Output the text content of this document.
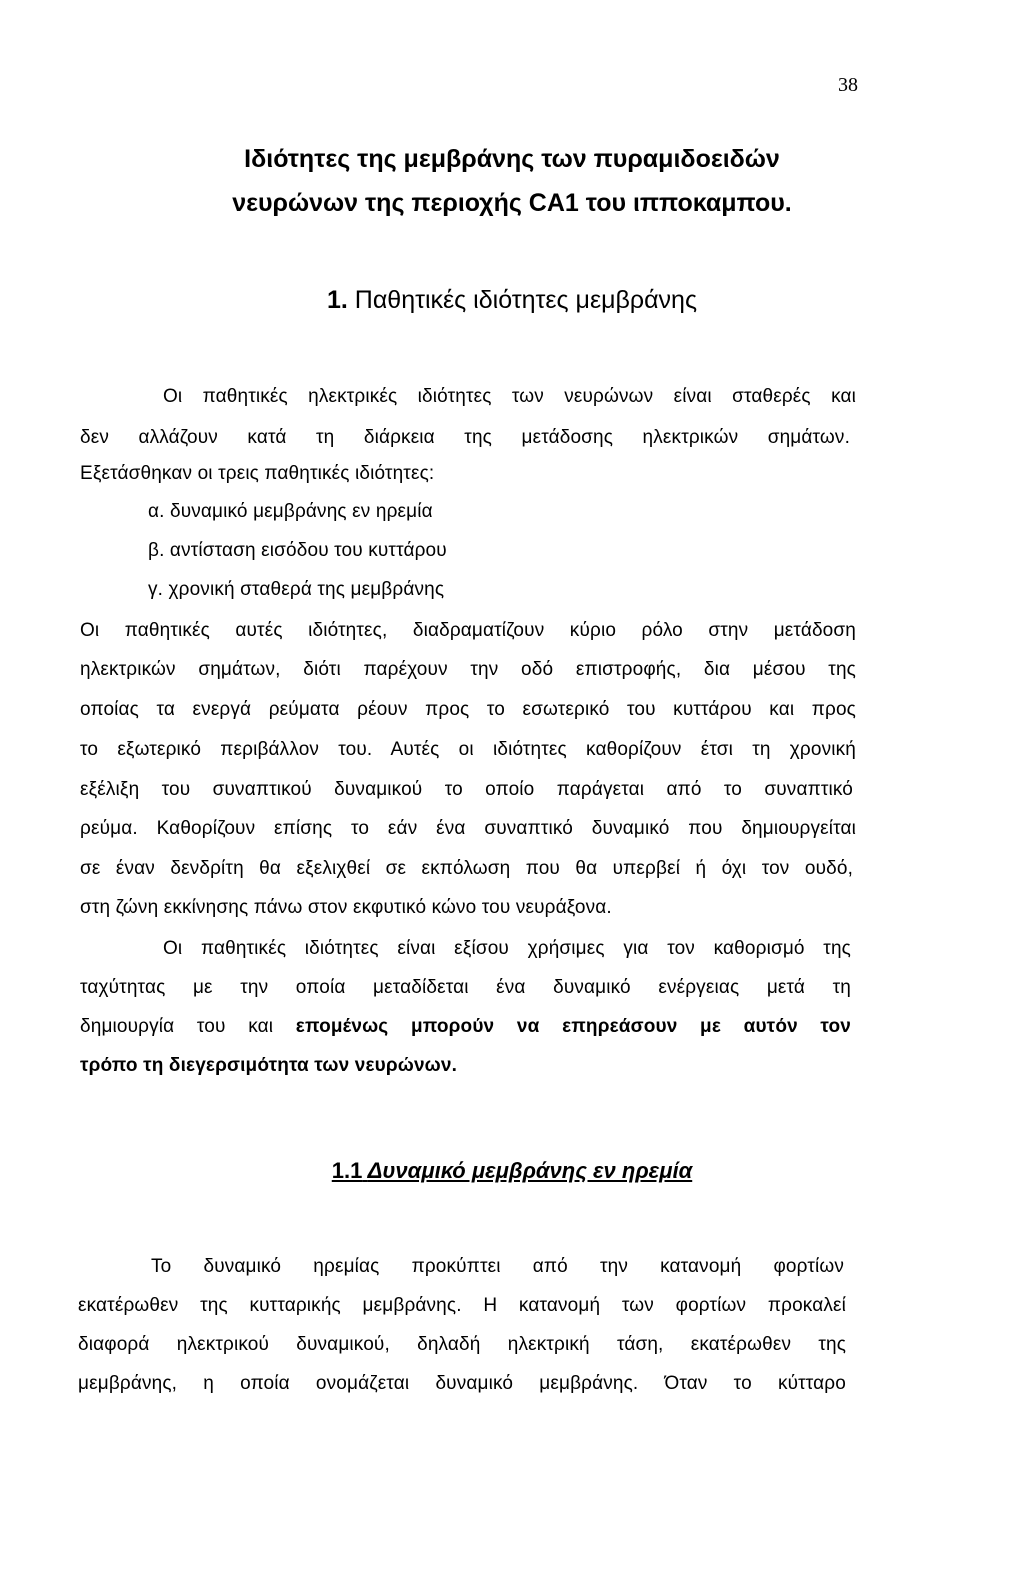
38
Ιδιότητες της μεμβράνης των πυραμιδοειδών
νευρώνων της περιοχής CA1 του ιπποκαμπου.
1. Παθητικές ιδιότητες μεμβράνης
Οι παθητικές ηλεκτρικές ιδιότητες των νευρώνων είναι σταθερές και
δεν αλλάζουν κατά τη διάρκεια της μετάδοσης ηλεκτρικών σημάτων.
Εξετάσθηκαν οι τρεις παθητικές ιδιότητες:
α. δυναμικό μεμβράνης εν ηρεμία
β. αντίσταση εισόδου του κυττάρου
γ. χρονική σταθερά της μεμβράνης
Οι παθητικές αυτές ιδιότητες, διαδραματίζουν κύριο ρόλο στην μετάδοση
ηλεκτρικών σημάτων, διότι παρέχουν την οδό επιστροφής, δια μέσου της
οποίας τα ενεργά ρεύματα ρέουν προς το εσωτερικό του κυττάρου και προς
το εξωτερικό περιβάλλον του. Αυτές οι ιδιότητες καθορίζουν έτσι τη χρονική
εξέλιξη του συναπτικού δυναμικού το οποίο παράγεται από το συναπτικό
ρεύμα. Καθορίζουν επίσης το εάν ένα συναπτικό δυναμικό που δημιουργείται
σε έναν δενδρίτη θα εξελιχθεί σε εκπόλωση που θα υπερβεί ή όχι τον ουδό,
στη ζώνη εκκίνησης πάνω στον εκφυτικό κώνο του νευράξονα.
Οι παθητικές ιδιότητες είναι εξίσου χρήσιμες για τον καθορισμό της
ταχύτητας με την οποία μεταδίδεται ένα δυναμικό ενέργειας μετά τη
δημιουργία του και επομένως μπορούν να επηρεάσουν με αυτόν τον
τρόπο τη διεγερσιμότητα των νευρώνων.
1.1 Δυναμικό μεμβράνης εν ηρεμία
Το δυναμικό ηρεμίας προκύπτει από την κατανομή φορτίων
εκατέρωθεν της κυτταρικής μεμβράνης. Η κατανομή των φορτίων προκαλεί
διαφορά ηλεκτρικού δυναμικού, δηλαδή ηλεκτρική τάση, εκατέρωθεν της
μεμβράνης, η οποία ονομάζεται δυναμικό μεμβράνης. Όταν το κύτταρο
